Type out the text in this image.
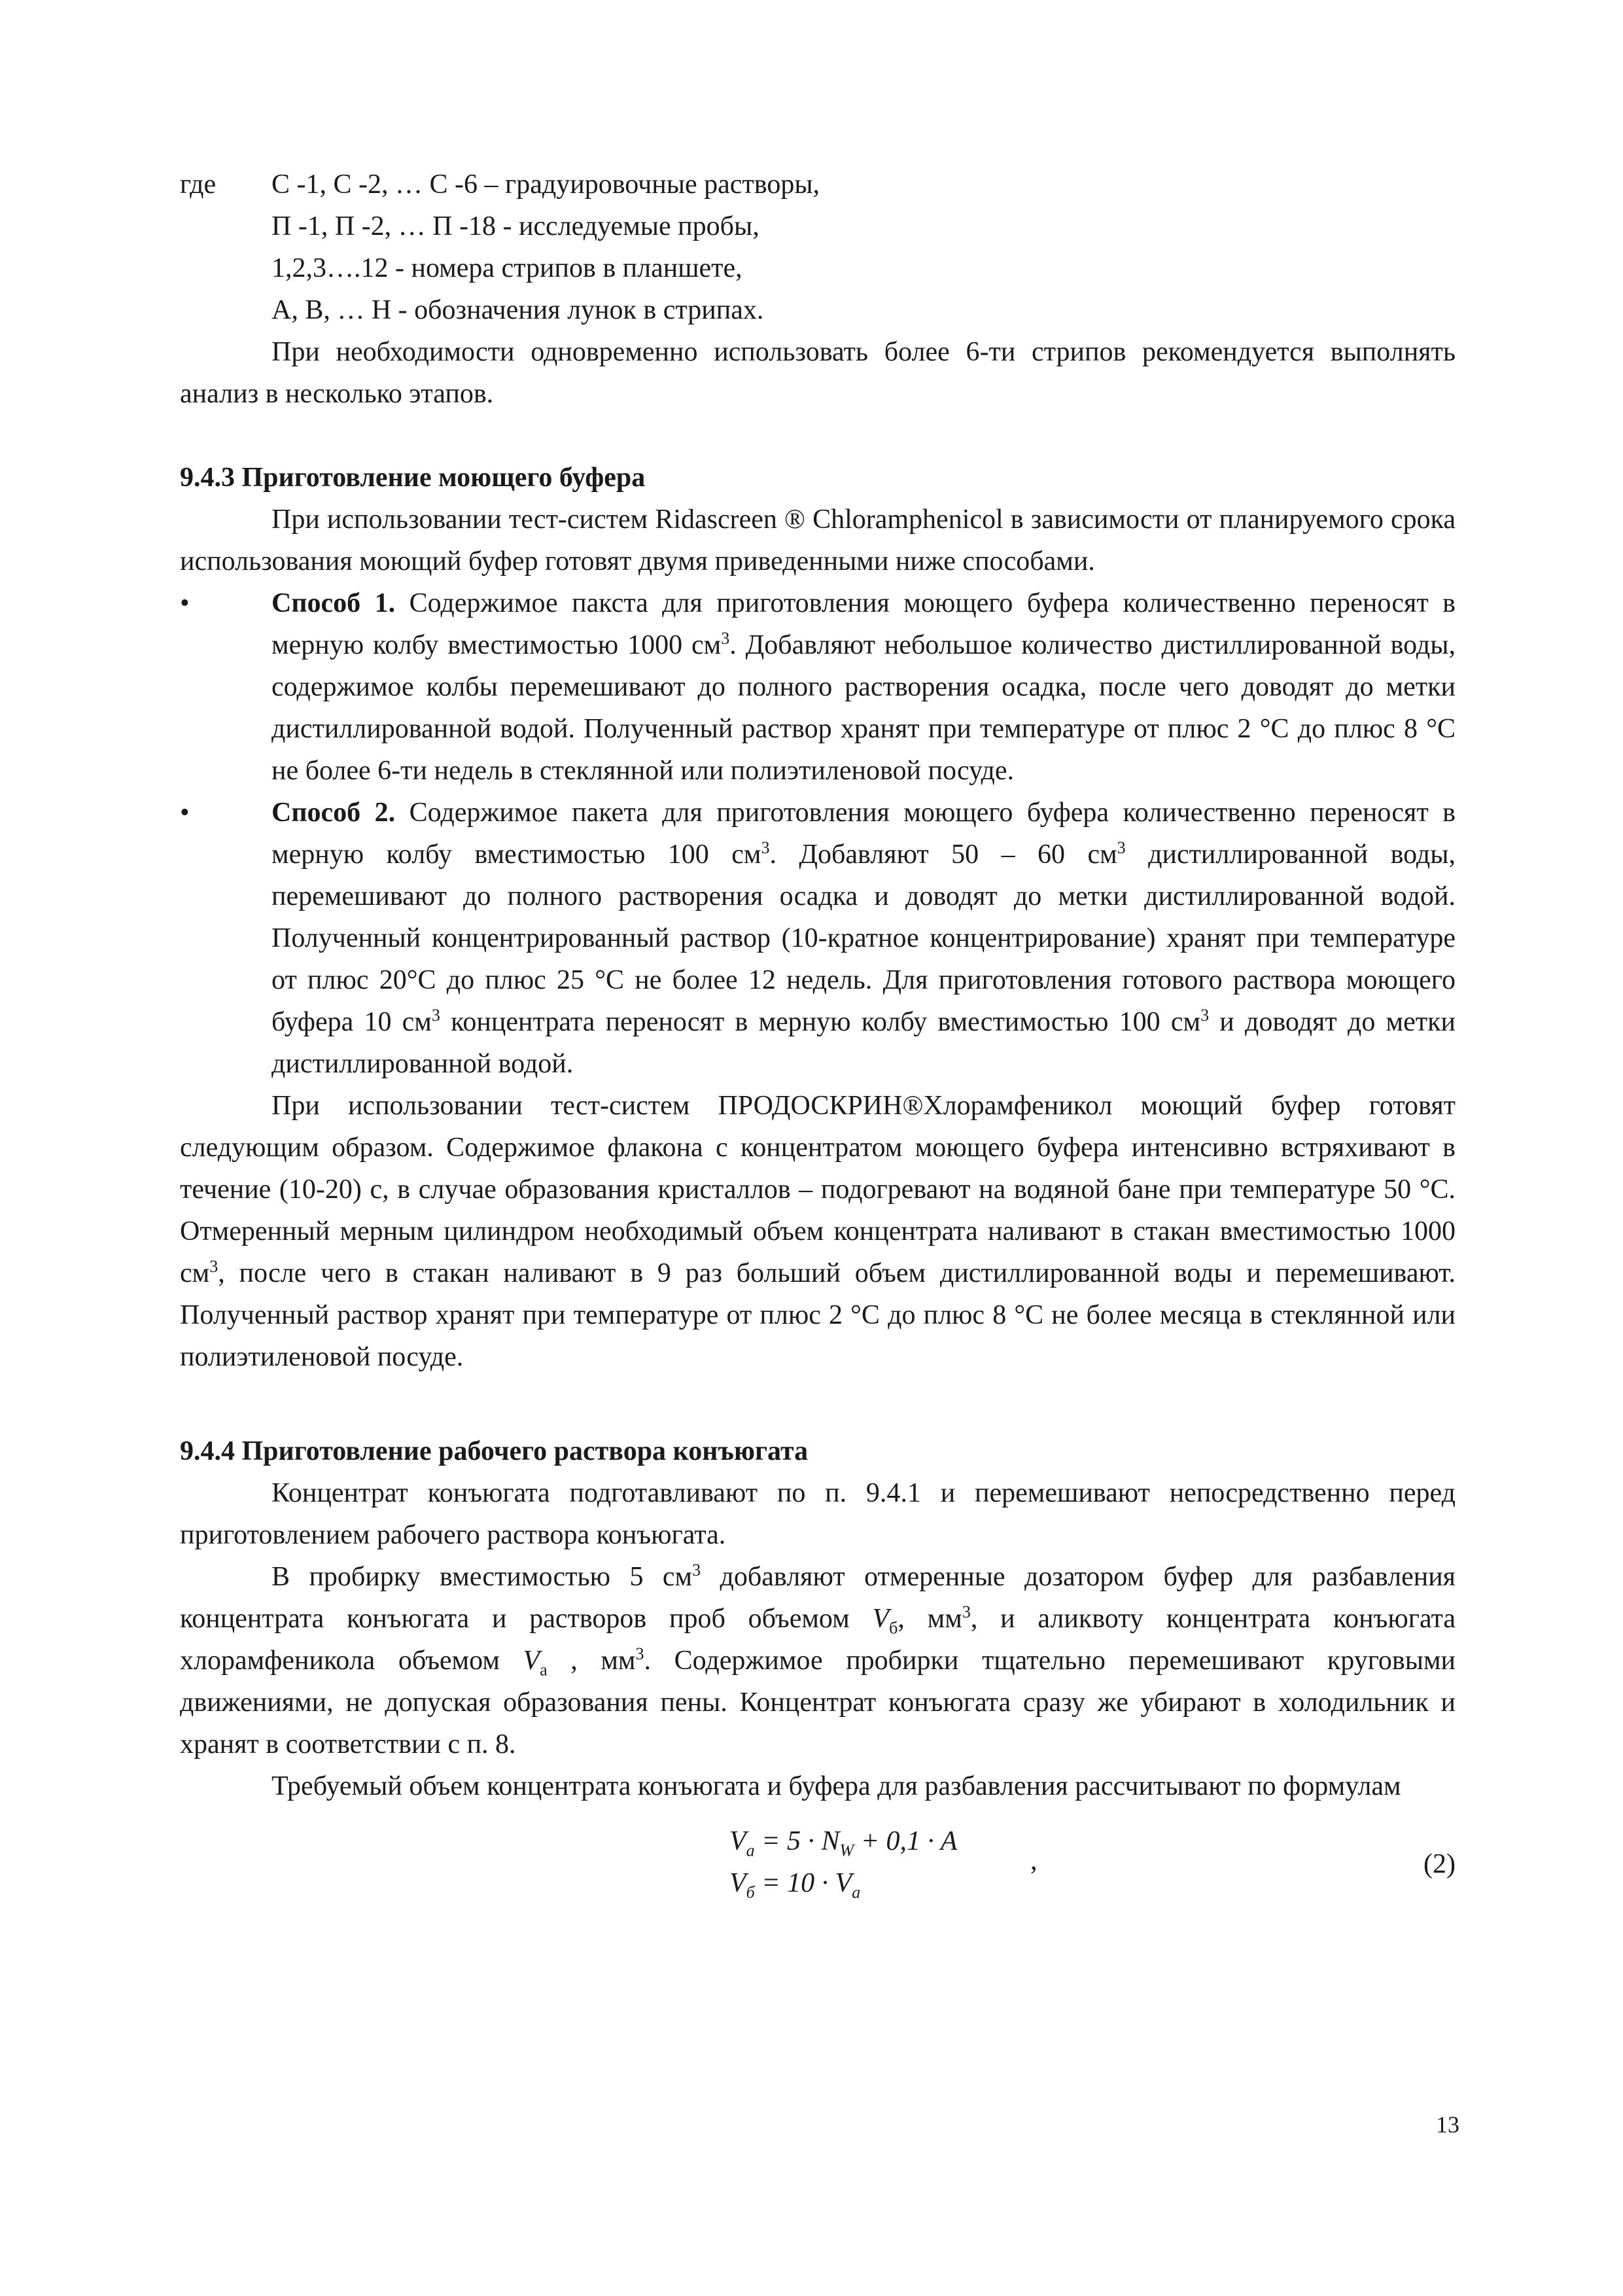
где	С -1, С -2, … С -6 – градуировочные растворы,

П -1, П -2, … П -18 - исследуемые пробы,

1,2,3….12 - номера стрипов в планшете,

А, В, … Н - обозначения лунок в стрипах.

При необходимости одновременно использовать более 6-ти стрипов рекомендуется выполнять анализ в несколько этапов.

9.4.3 Приготовление моющего буфера

При использовании тест-систем Ridascreen ® Chloramphenicol в зависимости от планируемого срока использования моющий буфер готовят двумя приведенными ниже способами.

•	Способ 1. Содержимое пакста для приготовления моющего буфера количественно переносят в мерную колбу вместимостью 1000 $см^3$. Добавляют небольшое количество дистиллированной воды, содержимое колбы перемешивают до полного растворения осадка, после чего доводят до метки дистиллированной водой. Полученный раствор хранят при температуре от плюс 2 °С до плюс 8 °С не более 6-ти недель в стеклянной или полиэтиленовой посуде.

•	Способ 2. Содержимое пакета для приготовления моющего буфера количественно переносят в мерную колбу вместимостью 100 $см^3$. Добавляют 50 – 60 $см^3$ дистиллированной воды, перемешивают до полного растворения осадка и доводят до метки дистиллированной водой. Полученный концентрированный раствор (10-кратное концентрирование) хранят при температуре от плюс 20°С до плюс 25 °С не более 12 недель. Для приготовления готового раствора моющего буфера 10 $см^3$ концентрата переносят в мерную колбу вместимостью 100 $см^3$ и доводят до метки дистиллированной водой.

При использовании тест-систем ПРОДОСКРИН®Хлорамфеникол моющий буфер готовят следующим образом. Содержимое флакона с концентратом моющего буфера интенсивно встряхивают в течение (10-20) с, в случае образования кристаллов – подогревают на водяной бане при температуре 50 °С. Отмеренный мерным цилиндром необходимый объем концентрата наливают в стакан вместимостью 1000 $см^3$, после чего в стакан наливают в 9 раз больший объем дистиллированной воды и перемешивают. Полученный раствор хранят при температуре от плюс 2 °С до плюс 8 °С не более месяца в стеклянной или полиэтиленовой посуде.

9.4.4 Приготовление рабочего раствора конъюгата

Концентрат конъюгата подготавливают по п. 9.4.1 и перемешивают непосредственно перед приготовлением рабочего раствора конъюгата.

В пробирку вместимостью 5 $см^3$ добавляют отмеренные дозатором буфер для разбавления концентрата конъюгата и растворов проб объемом $V_б$, $мм^3$, и аликвоту концентрата конъюгата хлорамфеникола объемом $V_a$ , $мм^3$. Содержимое пробирки тщательно перемешивают круговыми движениями, не допуская образования пены. Концентрат конъюгата сразу же убирают в холодильник и хранят в соответствии с п. 8.

Требуемый объем концентрата конъюгата и буфера для разбавления рассчитывают по формулам

$V_a = 5 \cdot N_W + 0,1 \cdot A$

$V_б = 10 \cdot V_a$

,	(2)
13
